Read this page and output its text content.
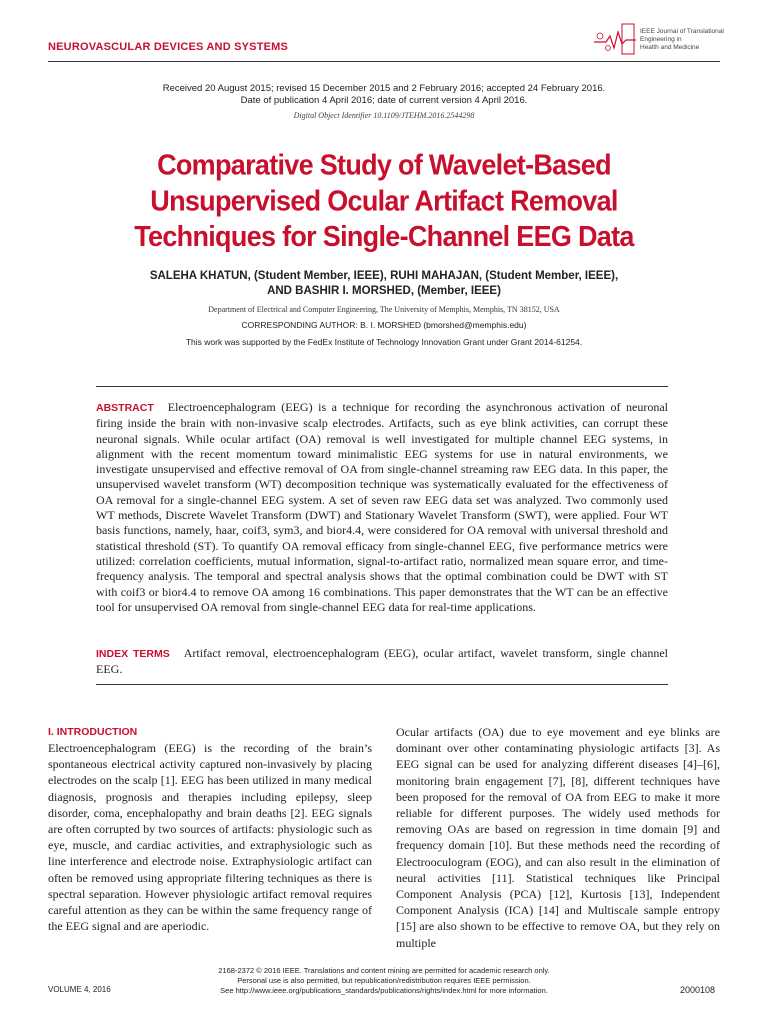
NEUROVASCULAR DEVICES AND SYSTEMS
IEEE Journal of Translational
Engineering in
Health and Medicine
Received 20 August 2015; revised 15 December 2015 and 2 February 2016; accepted 24 February 2016.
Date of publication 4 April 2016; date of current version 4 April 2016.
Digital Object Identifier 10.1109/JTEHM.2016.2544298
Comparative Study of Wavelet-Based
Unsupervised Ocular Artifact Removal
Techniques for Single-Channel EEG Data
SALEHA KHATUN, (Student Member, IEEE), RUHI MAHAJAN, (Student Member, IEEE),
AND BASHIR I. MORSHED, (Member, IEEE)
Department of Electrical and Computer Engineering, The University of Memphis, Memphis, TN 38152, USA
CORRESPONDING AUTHOR: B. I. MORSHED (bmorshed@memphis.edu)
This work was supported by the FedEx Institute of Technology Innovation Grant under Grant 2014-61254.
ABSTRACT Electroencephalogram (EEG) is a technique for recording the asynchronous activation of neuronal firing inside the brain with non-invasive scalp electrodes. Artifacts, such as eye blink activities, can corrupt these neuronal signals. While ocular artifact (OA) removal is well investigated for multiple channel EEG systems, in alignment with the recent momentum toward minimalistic EEG systems for use in natural environments, we investigate unsupervised and effective removal of OA from single-channel streaming raw EEG data. In this paper, the unsupervised wavelet transform (WT) decomposition technique was systematically evaluated for the effectiveness of OA removal for a single-channel EEG system. A set of seven raw EEG data set was analyzed. Two commonly used WT methods, Discrete Wavelet Transform (DWT) and Stationary Wavelet Transform (SWT), were applied. Four WT basis functions, namely, haar, coif3, sym3, and bior4.4, were considered for OA removal with universal threshold and statistical threshold (ST). To quantify OA removal efficacy from single-channel EEG, five performance metrics were utilized: correlation coefficients, mutual information, signal-to-artifact ratio, normalized mean square error, and time-frequency analysis. The temporal and spectral analysis shows that the optimal combination could be DWT with ST with coif3 or bior4.4 to remove OA among 16 combinations. This paper demonstrates that the WT can be an effective tool for unsupervised OA removal from single-channel EEG data for real-time applications.
INDEX TERMS Artifact removal, electroencephalogram (EEG), ocular artifact, wavelet transform, single channel EEG.
I. INTRODUCTION
Electroencephalogram (EEG) is the recording of the brain’s spontaneous electrical activity captured non-invasively by placing electrodes on the scalp [1]. EEG has been utilized in many medical diagnosis, prognosis and therapies including epilepsy, sleep disorder, coma, encephalopathy and brain deaths [2]. EEG signals are often corrupted by two sources of artifacts: physiologic such as eye, muscle, and cardiac activities, and extraphysiologic such as line interference and electrode noise. Extraphysiologic artifact can often be removed using appropriate filtering techniques as there is spectral separation. However physiologic artifact removal requires careful attention as they can be within the same frequency range of the EEG signal and are aperiodic.
Ocular artifacts (OA) due to eye movement and eye blinks are dominant over other contaminating physiologic artifacts [3]. As EEG signal can be used for analyzing different diseases [4]–[6], monitoring brain engagement [7], [8], different techniques have been proposed for the removal of OA from EEG to make it more reliable for different purposes. The widely used methods for removing OAs are based on regression in time domain [9] and frequency domain [10]. But these methods need the recording of Electrooculogram (EOG), and can also result in the elimination of neural activities [11]. Statistical techniques like Principal Component Analysis (PCA) [12], Kurtosis [13], Independent Component Analysis (ICA) [14] and Multiscale sample entropy [15] are also shown to be effective to remove OA, but they rely on multiple
VOLUME 4, 2016
2168-2372 © 2016 IEEE. Translations and content mining are permitted for academic research only.
Personal use is also permitted, but republication/redistribution requires IEEE permission.
See http://www.ieee.org/publications_standards/publications/rights/index.html for more information.	2000108
